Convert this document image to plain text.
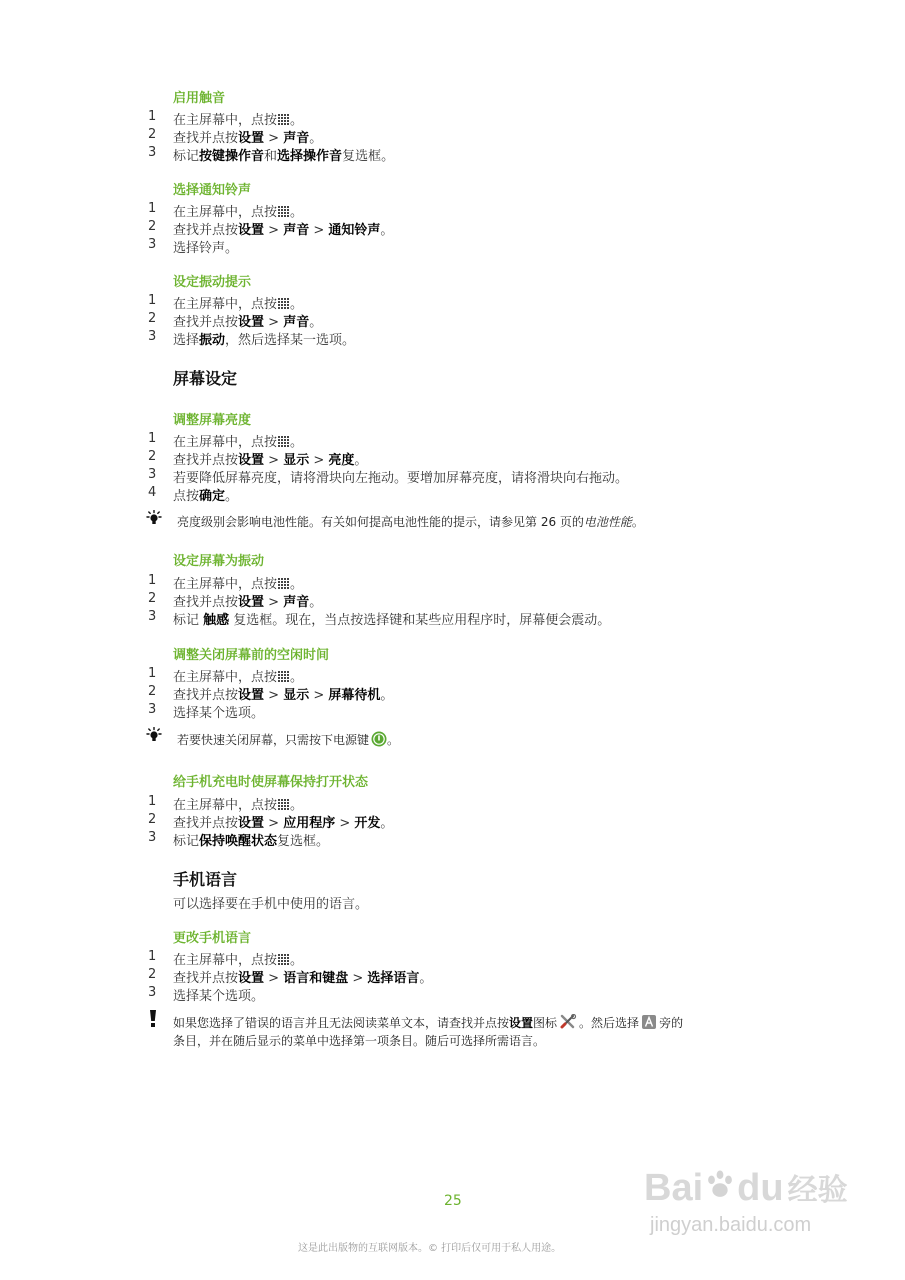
启用触音
1	在主屏幕中，点按 。
2	查找并点按设置 > 声音。
3	标记按键操作音和选择操作音复选框。
选择通知铃声
1	在主屏幕中，点按 。
2	查找并点按设置 > 声音 > 通知铃声。
3	选择铃声。
设定振动提示
1	在主屏幕中，点按 。
2	查找并点按设置 > 声音。
3	选择振动，然后选择某一选项。
屏幕设定
调整屏幕亮度
1	在主屏幕中，点按 。
2	查找并点按设置 > 显示 > 亮度。
3	若要降低屏幕亮度，请将滑块向左拖动。要增加屏幕亮度，请将滑块向右拖动。
4	点按确定。
亮度级别会影响电池性能。有关如何提高电池性能的提示，请参见第 26 页的电池性能。
设定屏幕为振动
1	在主屏幕中，点按 。
2	查找并点按设置 > 声音。
3	标记 触感 复选框。现在，当点按选择键和某些应用程序时，屏幕便会震动。
调整关闭屏幕前的空闲时间
1	在主屏幕中，点按 。
2	查找并点按设置 > 显示 > 屏幕待机。
3	选择某个选项。
若要快速关闭屏幕，只需按下电源键 。
给手机充电时使屏幕保持打开状态
1	在主屏幕中，点按 。
2	查找并点按设置 > 应用程序 > 开发。
3	标记保持唤醒状态复选框。
手机语言
可以选择要在手机中使用的语言。
更改手机语言
1	在主屏幕中，点按 。
2	查找并点按设置 > 语言和键盘 > 选择语言。
3	选择某个选项。
如果您选择了错误的语言并且无法阅读菜单文本，请查找并点按设置图标 。然后选择 旁的
条目，并在随后显示的菜单中选择第一项条目。随后可选择所需语言。
25
这是此出版物的互联网版本。© 打印后仅可用于私人用途。
Bai du 经验
jingyan.baidu.com
